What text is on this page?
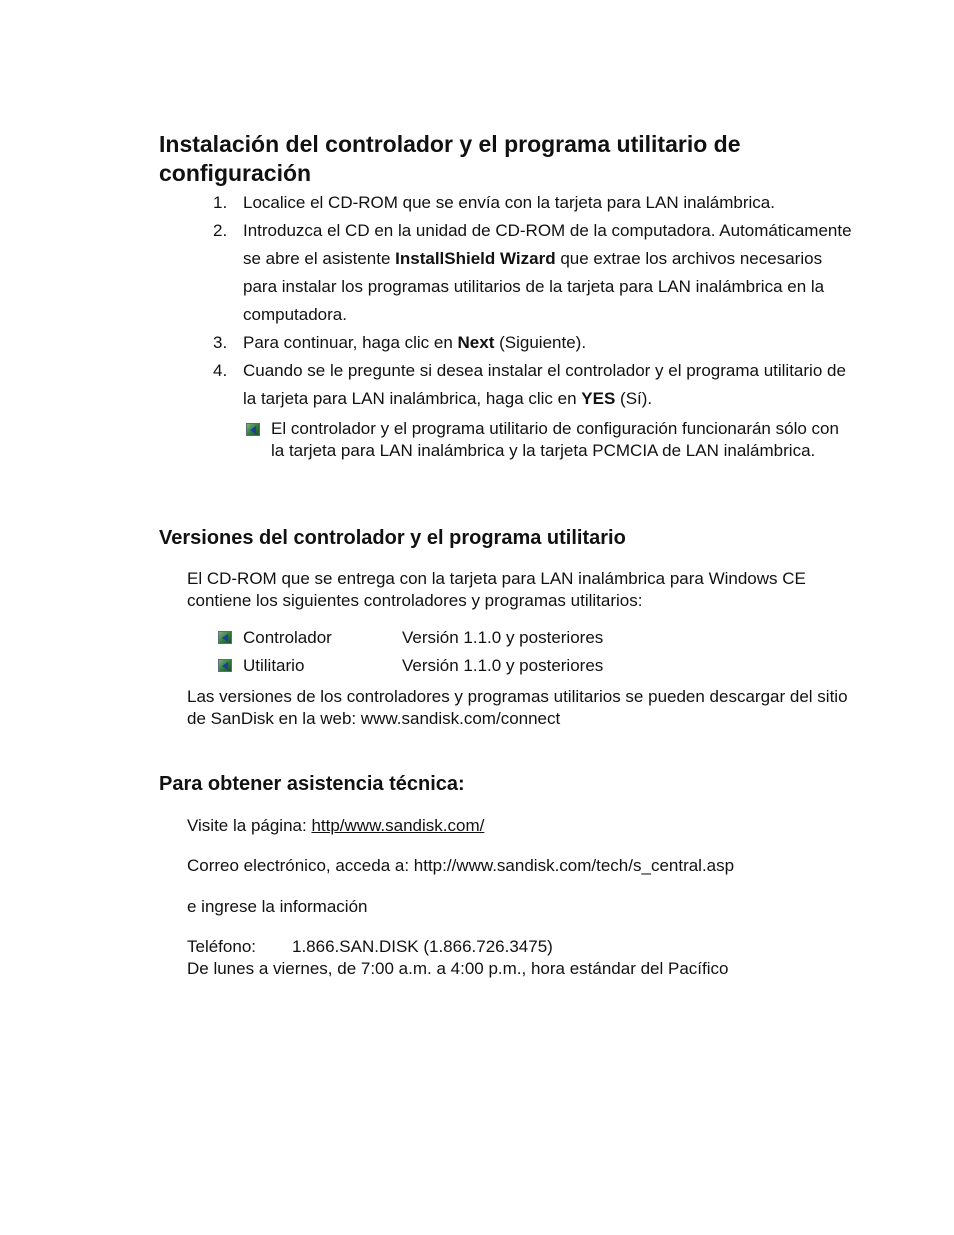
Instalación del controlador y el programa utilitario de configuración
1. Localice el CD-ROM que se envía con la tarjeta para LAN inalámbrica.
2. Introduzca el CD en la unidad de CD-ROM de la computadora. Automáticamente se abre el asistente InstallShield Wizard que extrae los archivos necesarios para instalar los programas utilitarios de la tarjeta para LAN inalámbrica en la computadora.
3. Para continuar, haga clic en Next (Siguiente).
4. Cuando se le pregunte si desea instalar el controlador y el programa utilitario de la tarjeta para LAN inalámbrica, haga clic en YES (Sí).
El controlador y el programa utilitario de configuración funcionarán sólo con la tarjeta para LAN inalámbrica y la tarjeta PCMCIA de LAN inalámbrica.
Versiones del controlador y el programa utilitario

El CD-ROM que se entrega con la tarjeta para LAN inalámbrica para Windows CE contiene los siguientes controladores y programas utilitarios:

Controlador	Versión 1.1.0 y posteriores
Utilitario	Versión 1.1.0 y posteriores

Las versiones de los controladores y programas utilitarios se pueden descargar del sitio de SanDisk en la web: www.sandisk.com/connect

Para obtener asistencia técnica:

Visite la página: http/www.sandisk.com/

Correo electrónico, acceda a: http://www.sandisk.com/tech/s_central.asp

e ingrese la información

Teléfono: 1.866.SAN.DISK (1.866.726.3475)

De lunes a viernes, de 7:00 a.m. a 4:00 p.m., hora estándar del Pacífico
